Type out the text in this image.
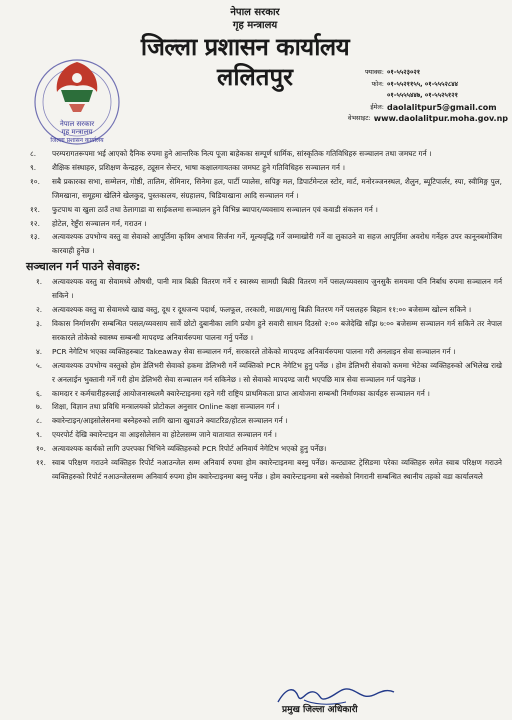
नेपाल सरकार
गृह मन्त्रालय
जिल्ला प्रशासन कार्यालय
नेपाल सरकार
गृह मन्त्रालय
जिल्ला प्रशासन कार्यालय
ललितपुर	फ्याक्स: ०१-५५२३०२१
फोन: ०१-५५२११५५, ०१-५५५२८४४
०१-५५५५४४७, ०१-५५२५१२१
ईमेल: daolalitpur5@gmail.com
वेभसाइट: www.daolalitpur.moha.gov.np
८.	परम्परागतरूपमा भई आएको दैनिक रुपमा हुने आन्तरिक नित्य पूजा बाहेकका सम्पूर्ण धार्मिक, सांस्कृतिक गतिविधिहरु सञ्चालन तथा जमघट गर्न ।
९.	शैक्षिक संस्थाहरु, प्रशिक्षण केन्द्रहरु, ट्यूसन सेन्टर, भाषा कक्षालगायतका जमघट हुने गतिविधिहरु सञ्चालन गर्न ।
१०.	सबै प्रकारका सभा, सम्मेलन, गोष्ठी, तालिम, सेमिनार, सिनेमा हल, पार्टी प्यालेस, सपिङ्ग मल, डिपार्टमेन्टल स्टोर, मार्ट, मनोरञ्जनस्थल, शैलुन, ब्यूटिपार्लर, स्पा, स्वीमिङ्ग पुल, जिमखाना, समूहमा खेलिने खेलकुद, पुस्तकालय, संग्रहालय, चिडियाखाना आदि सञ्चालन गर्न ।
११.	फुटपाथ वा खुला ठाउँ तथा ठेलागाडा वा साईकलमा सञ्चालन हुने विभिन्न ब्यापार/व्यवसाय सञ्चालन एवं कवाडी संकलन गर्न ।
१२.	होटेल, रेष्टुँरा सञ्चालन गर्न, गराउन ।
१३.	अत्यावश्यक उपभोग्य वस्तु वा सेवाको आपूर्तिमा कृत्रिम अभाव सिर्जना गर्ने, मूल्यवृद्धि गर्ने जम्माखोरी गर्ने वा लुकाउने वा सहज आपूर्तिमा अवरोध गर्नेहरु उपर कानूनबमोजिम कारवाही हुनेछ ।
सञ्चालन गर्न पाउने सेवाहरु:
१.	अत्यावश्यक वस्तु वा सेवामध्ये औषधी, पानी मात्र बिक्री वितरण गर्ने र स्वास्थ्य सामग्री बिक्री वितरण गर्ने पसल/व्यवसाय जुनसुकै समयमा पनि निर्बाध रुपमा सञ्चालन गर्न सकिने ।
२.	अत्यावश्यक वस्तु वा सेवामध्ये खाद्य वस्तु, दूध र दूधजन्य पदार्थ, फलफूल, तरकारी, माछा/मासु बिक्री वितरण गर्ने पसलहरु बिहान ११:०० बजेसम्म खोल्न सकिने ।
३.	विकास निर्माणसँग सम्बन्धित पसल/व्यवसाय सार्वे छोटो दुबानीका लागि प्रयोग हुने सवारी साधन दिउसो २:०० बजेदेखि साँझ ७:०० बजेसम्म सञ्चालन गर्न सकिने तर नेपाल सरकारले तोकेको स्वास्थ्य सम्बन्धी मापदण्ड अनिवार्यरुपमा पालना गर्नु पर्नेछ ।
४.	PCR नेगेटिभ भएका व्यक्तिहरुबाट Takeaway सेवा सञ्चालन गर्न, सरकारले तोकेको मापदण्ड अनिवार्यरुपमा पालना गरी अनलाइन सेवा सञ्चालन गर्न ।
५.	अत्यावश्यक उपभोग्य वस्तुको होम डेलिभरी सेवाको हकमा डेलिभरी गर्ने व्यक्तिको PCR नेगेटिभ हुनु पर्नेछ । होम डेलिभरी सेवाको कममा भेटेका व्यक्तिहरुको अभिलेख राखे र अनलाईन भुक्तानी गर्ने गरी होम डेलिभरी सेवा सञ्चालन गर्न सकिनेछ । सो सेवाको मापदण्ड जारी भएपछि मात्र सेवा सञ्चालन गर्न पाइनेछ ।
६.	कामदार र कर्मचारीहरुलाई आयोजनास्थलमै क्वारेन्टाइनमा रहने गरी राष्ट्रिय प्राथमिकता प्राप्त आयोजना सम्बन्धी निर्माणका कार्यहरु सञ्चालन गर्न ।
७.	शिक्षा, विज्ञान तथा प्रविधि मन्त्रालयको प्रोटोकल अनुसार Online कक्षा सञ्चालन गर्न ।
८.	क्वारेन्टाइन/आइसोलेसनमा बस्नेहरुको लागि खाना खुवाउने क्याटरिङ/होटल सञ्चालन गर्न ।
९.	एयरपोर्ट देखि क्वारेन्टाइन वा आइसोलेसन वा होटेलसम्म जाने यातायात सञ्चालन गर्न ।
१०. अत्यावश्यक कार्यको लागि उपरपका भिभिने व्यक्तिहरुको PCR रिपोर्ट अनिवार्य नेगेटिभ भएको हुनु पर्नेछ।
११. स्वाब परिक्षण गराउने व्यक्तिहरु रिपोर्ट नआउन्जेल सम्म अनिवार्य रुपमा होम क्वारेन्टाइनमा बस्नु पर्नेछ। कन्ट्याक्ट ट्रेसिङमा परेका व्यक्तिहरु समेत स्वाब परिक्षण गराउने व्यक्तिहरुको रिपोर्ट नआउन्जेलसम्म अनिवार्य रुपमा होम क्वारेन्टाइनमा बस्नु पर्नेछ । होम क्वारेन्टाइनमा बसे नबसेको निगरानी सम्बन्धित स्थानीय तहको वडा कार्यालयले
प्रमुख जिल्ला अधिकारी
